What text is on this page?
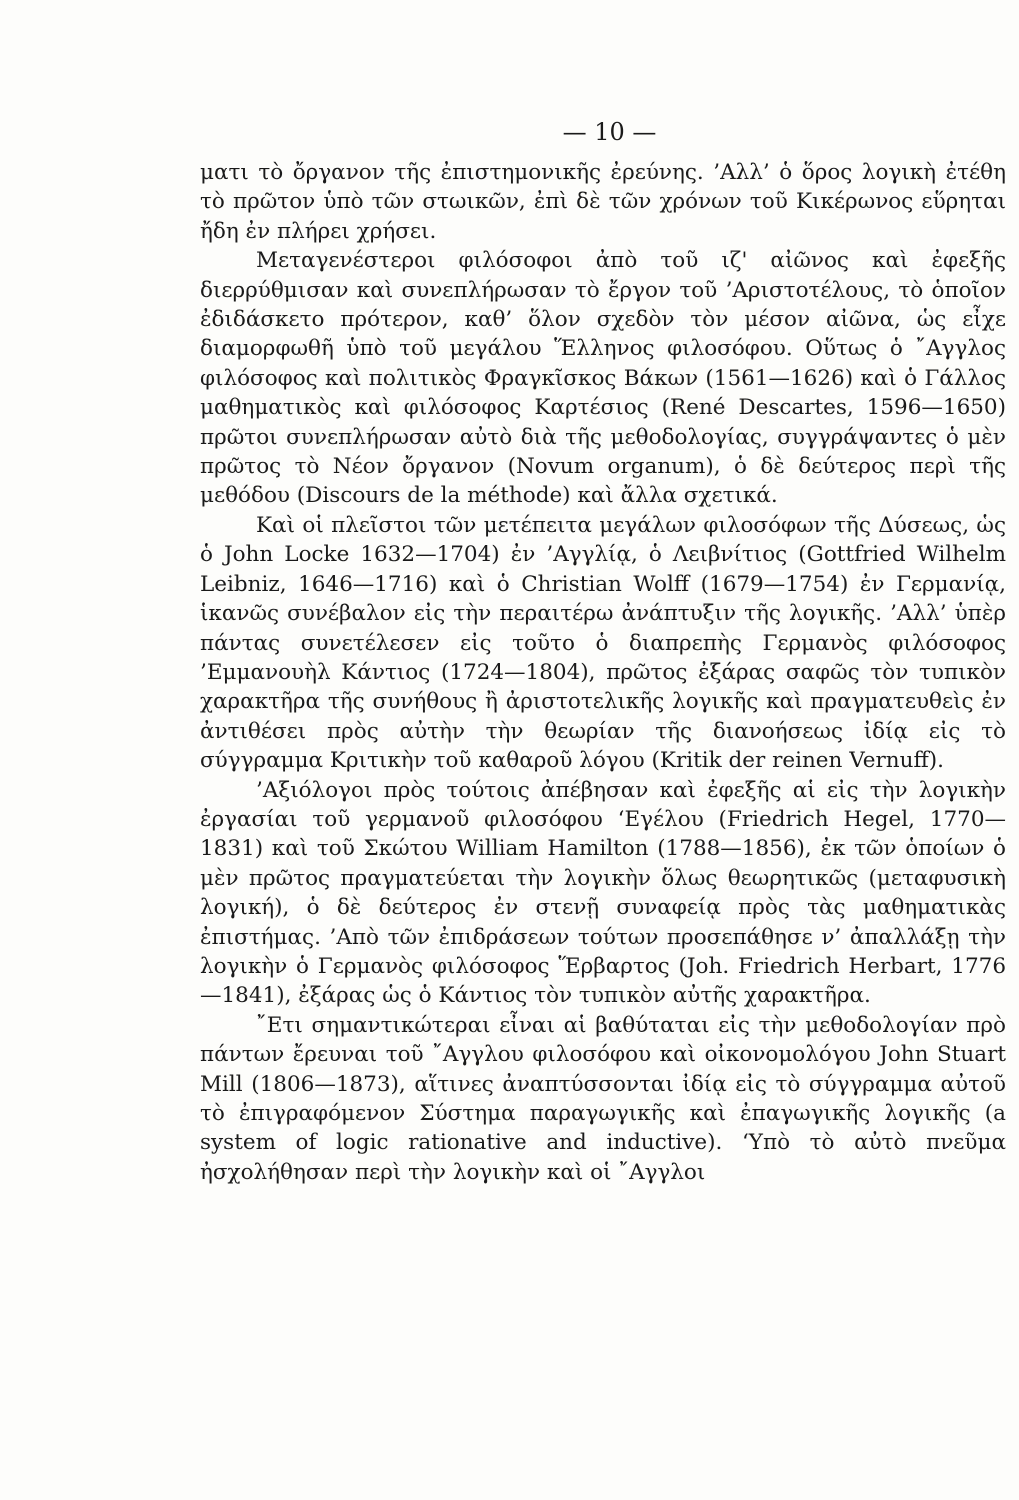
— 10 —

ματι τὸ ὄργανον τῆς ἐπιστημονικῆς ἐρεύνης. ’Αλλ’ ὁ ὅρος λογικὴ ἐτέθη τὸ πρῶτον ὑπὸ τῶν στωικῶν, ἐπὶ δὲ τῶν χρόνων τοῦ Κικέρωνος εὕρηται ἤδη ἐν πλήρει χρήσει.

Μεταγενέστεροι φιλόσοφοι ἀπὸ τοῦ ιζ' αἰῶνος καὶ ἐφεξῆς διερρύθμισαν καὶ συνεπλήρωσαν τὸ ἔργον τοῦ ’Αριστοτέλους, τὸ ὁποῖον ἐδιδάσκετο πρότερον, καθ’ ὅλον σχεδὸν τὸν μέσον αἰῶνα, ὡς εἶχε διαμορφωθῆ ὑπὸ τοῦ μεγάλου Ἕλληνος φιλοσόφου. Οὕτως ὁ ῎Αγγλος φιλόσοφος καὶ πολιτικὸς Φραγκῖσκος Βάκων (1561—1626) καὶ ὁ Γάλλος μαθηματικὸς καὶ φιλόσοφος Καρτέσιος (René Descartes, 1596—1650) πρῶτοι συνεπλήρωσαν αὐτὸ διὰ τῆς μεθοδολογίας, συγγράψαντες ὁ μὲν πρῶτος τὸ Νέον ὄργανον (Novum organum), ὁ δὲ δεύτερος περὶ τῆς μεθόδου (Discours de la méthode) καὶ ἄλλα σχετικά.

Καὶ οἱ πλεῖστοι τῶν μετέπειτα μεγάλων φιλοσόφων τῆς Δύσεως, ὡς ὁ John Locke 1632—1704) ἐν ’Αγγλίᾳ, ὁ Λειβνίτιος (Gottfried Wilhelm Leibniz, 1646—1716) καὶ ὁ Christian Wolff (1679—1754) ἐν Γερμανίᾳ, ἱκανῶς συνέβαλον εἰς τὴν περαιτέρω ἀνάπτυξιν τῆς λογικῆς. ’Αλλ’ ὑπὲρ πάντας συνετέλεσεν εἰς τοῦτο ὁ διαπρεπὴς Γερμανὸς φιλόσοφος ’Εμμανουὴλ Κάντιος (1724—1804), πρῶτος ἐξάρας σαφῶς τὸν τυπικὸν χαρακτῆρα τῆς συνήθους ἢ ἀριστοτελικῆς λογικῆς καὶ πραγματευθεὶς ἐν ἀντιθέσει πρὸς αὐτὴν τὴν θεωρίαν τῆς διανοήσεως ἰδίᾳ εἰς τὸ σύγγραμμα Κριτικὴν τοῦ καθαροῦ λόγου (Kritik der reinen Vernuff).

’Αξιόλογοι πρὸς τούτοις ἀπέβησαν καὶ ἐφεξῆς αἱ εἰς τὴν λογικὴν ἐργασίαι τοῦ γερμανοῦ φιλοσόφου ‘Εγέλου (Friedrich Hegel, 1770—1831) καὶ τοῦ Σκώτου William Hamilton (1788—1856), ἐκ τῶν ὁποίων ὁ μὲν πρῶτος πραγματεύεται τὴν λογικὴν ὅλως θεωρητικῶς (μεταφυσικὴ λογική), ὁ δὲ δεύτερος ἐν στενῇ συναφείᾳ πρὸς τὰς μαθηματικὰς ἐπιστήμας. ’Απὸ τῶν ἐπιδράσεων τούτων προσεπάθησε ν’ ἀπαλλάξῃ τὴν λογικὴν ὁ Γερμανὸς φιλόσοφος Ἕρβαρτος (Joh. Friedrich Herbart, 1776—1841), ἐξάρας ὡς ὁ Κάντιος τὸν τυπικὸν αὐτῆς χαρακτῆρα.

῎Ετι σημαντικώτεραι εἶναι αἱ βαθύταται εἰς τὴν μεθοδολογίαν πρὸ πάντων ἔρευναι τοῦ ῎Αγγλου φιλοσόφου καὶ οἰκονομολόγου John Stuart Mill (1806—1873), αἵτινες ἀναπτύσσονται ἰδίᾳ εἰς τὸ σύγγραμμα αὐτοῦ τὸ ἐπιγραφόμενον Σύστημα παραγωγικῆς καὶ ἐπαγωγικῆς λογικῆς (a system of logic rationative and inductive). ‘Υπὸ τὸ αὐτὸ πνεῦμα ἠσχολήθησαν περὶ τὴν λογικὴν καὶ οἱ ῎Αγγλοι
